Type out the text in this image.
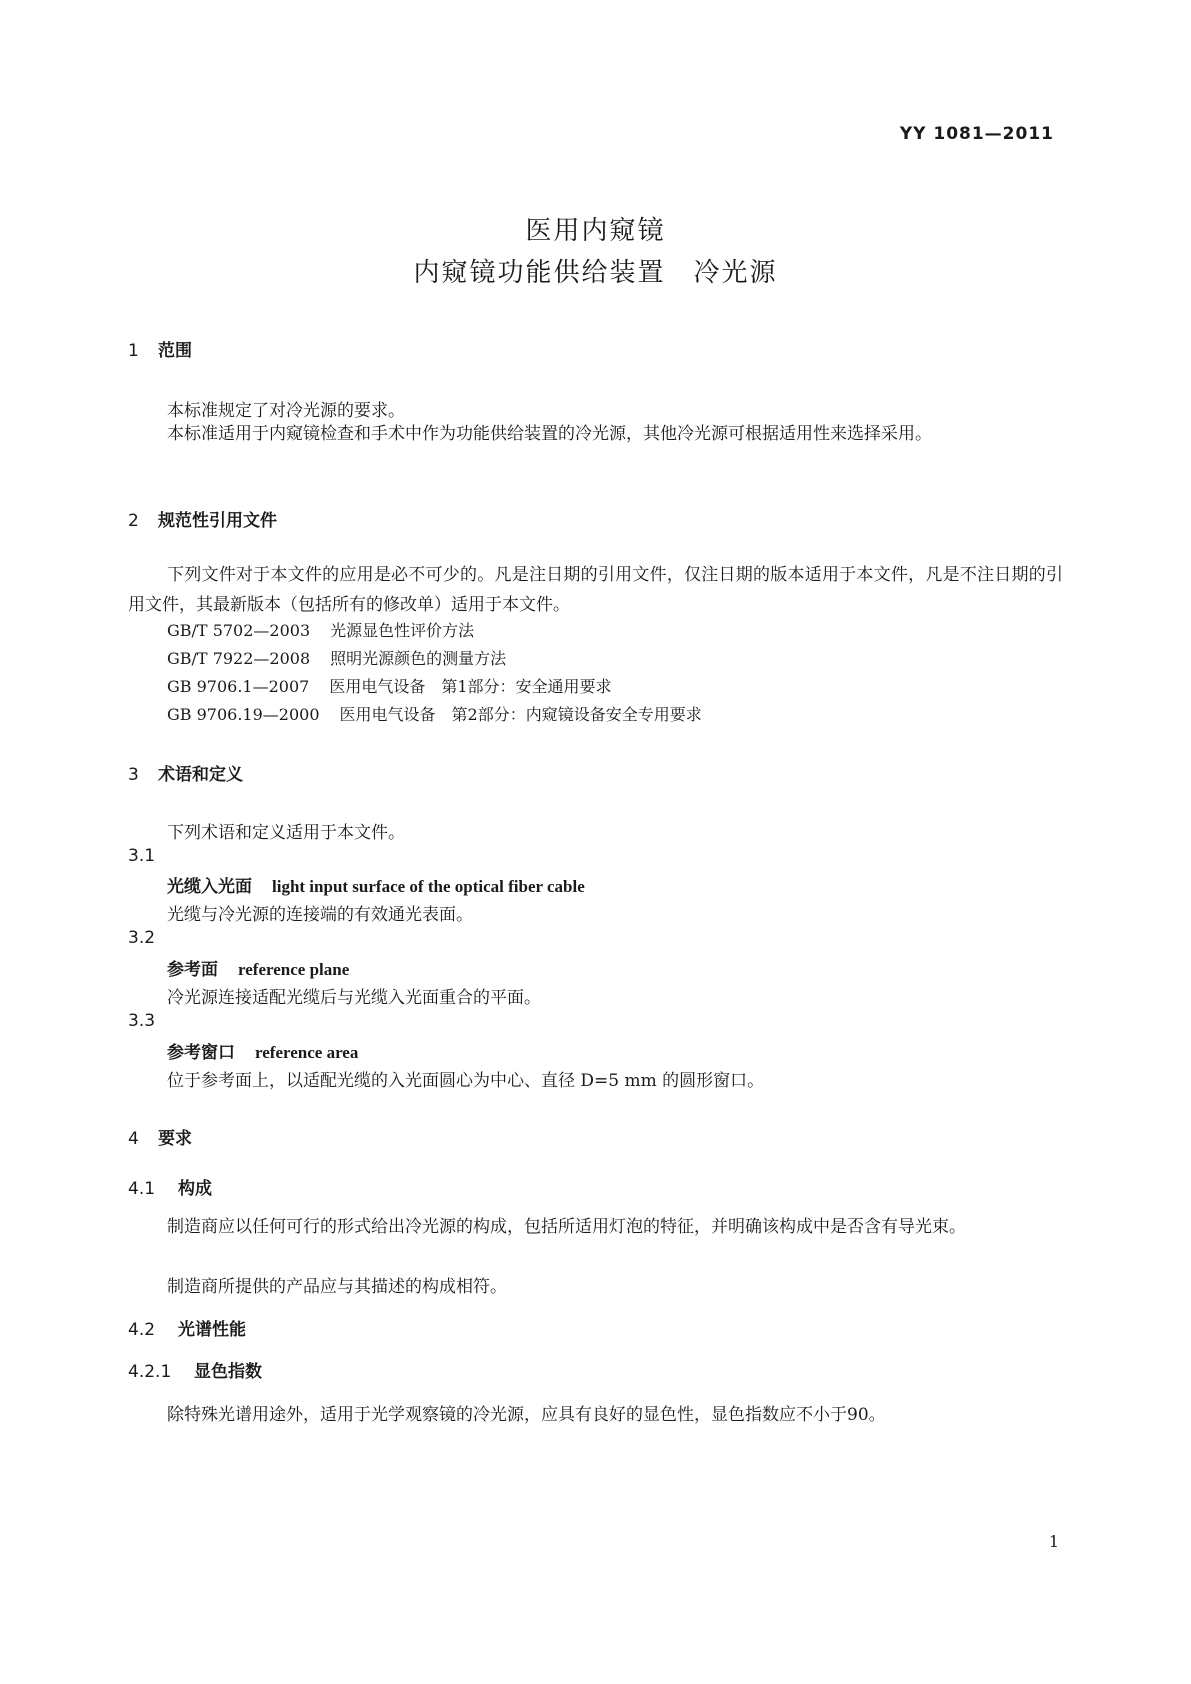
YY 1081—2011
医用内窥镜
内窥镜功能供给装置　冷光源
1 范围
本标准规定了对冷光源的要求。
本标准适用于内窥镜检查和手术中作为功能供给装置的冷光源，其他冷光源可根据适用性来选择采用。
2 规范性引用文件
下列文件对于本文件的应用是必不可少的。凡是注日期的引用文件，仅注日期的版本适用于本文件，凡是不注日期的引用文件，其最新版本（包括所有的修改单）适用于本文件。
GB/T 5702—2003 光源显色性评价方法
GB/T 7922—2008 照明光源颜色的测量方法
GB 9706.1—2007 医用电气设备　第1部分：安全通用要求
GB 9706.19—2000 医用电气设备　第2部分：内窥镜设备安全专用要求
3 术语和定义
下列术语和定义适用于本文件。
3.1
光缆入光面 light input surface of the optical fiber cable
光缆与冷光源的连接端的有效通光表面。
3.2
参考面 reference plane
冷光源连接适配光缆后与光缆入光面重合的平面。
3.3
参考窗口 reference area
位于参考面上，以适配光缆的入光面圆心为中心、直径 D=5 mm 的圆形窗口。
4 要求
4.1 构成
制造商应以任何可行的形式给出冷光源的构成，包括所适用灯泡的特征，并明确该构成中是否含有导光束。
制造商所提供的产品应与其描述的构成相符。
4.2 光谱性能
4.2.1 显色指数
除特殊光谱用途外，适用于光学观察镜的冷光源，应具有良好的显色性，显色指数应不小于90。
1
